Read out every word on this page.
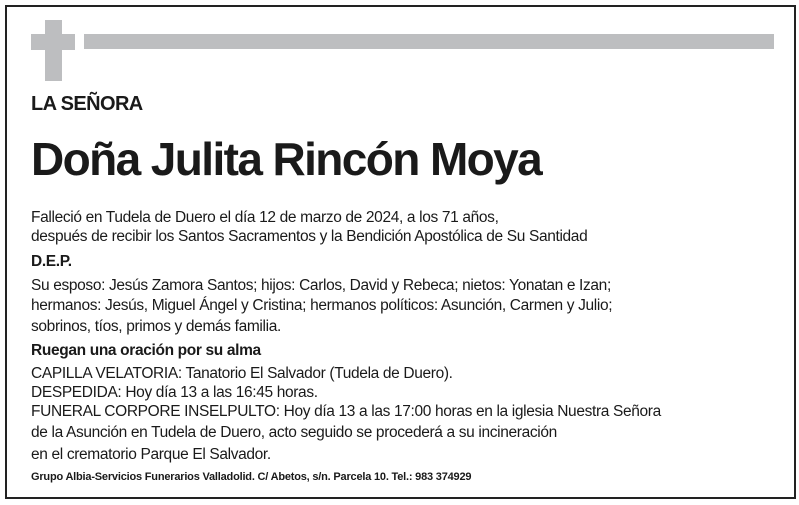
LA SEÑORA
Doña Julita Rincón Moya
Falleció en Tudela de Duero el día 12 de marzo de 2024, a los 71 años,
después de recibir los Santos Sacramentos y la Bendición Apostólica de Su Santidad
D.E.P.
Su esposo: Jesús Zamora Santos; hijos: Carlos, David y Rebeca; nietos: Yonatan e Izan;
hermanos: Jesús, Miguel Ángel y Cristina; hermanos políticos: Asunción, Carmen y Julio;
sobrinos, tíos, primos y demás familia.
Ruegan una oración por su alma
CAPILLA VELATORIA: Tanatorio El Salvador (Tudela de Duero).
DESPEDIDA: Hoy día 13 a las 16:45 horas.
FUNERAL CORPORE INSELPULTO: Hoy día 13 a las 17:00 horas en la iglesia Nuestra Señora
de la Asunción en Tudela de Duero, acto seguido se procederá a su incineración
en el crematorio Parque El Salvador.
Grupo Albia-Servicios Funerarios Valladolid. C/ Abetos, s/n. Parcela 10. Tel.: 983 374929
